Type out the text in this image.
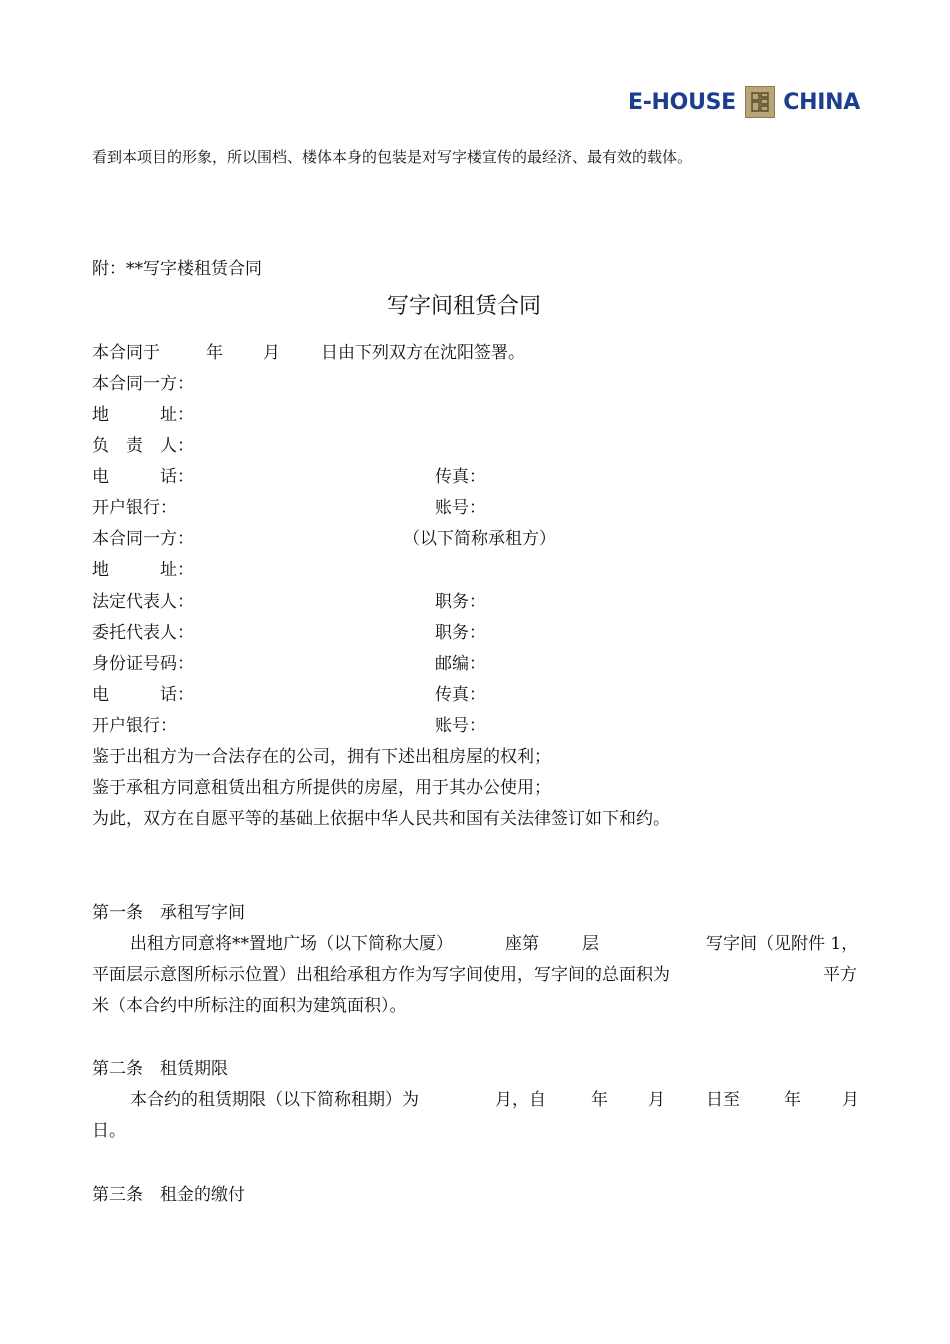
E-HOUSE CHINA
看到本项目的形象，所以围档、楼体本身的包装是对写字楼宣传的最经济、最有效的载体。
附：**写字楼租赁合同
写字间租赁合同
本合同于	年 月 日由下列双方在沈阳签署。
本合同一方：
地　　　址：
负　责　人：
电　　　话：	传真：
开户银行：	账号：
本合同一方：	（以下简称承租方）
地　　　址：
法定代表人：	职务：
委托代表人：	职务：
身份证号码：	邮编：
电　　　话：	传真：
开户银行：	账号：
鉴于出租方为一合法存在的公司，拥有下述出租房屋的权利；
鉴于承租方同意租赁出租方所提供的房屋，用于其办公使用；
为此，双方在自愿平等的基础上依据中华人民共和国有关法律签订如下和约。
第一条　承租写字间
出租方同意将**置地广场（以下简称大厦）	座第	层	写字间（见附件 1，
平面层示意图所标示位置）出租给承租方作为写字间使用，写字间的总面积为	平方
米（本合约中所标注的面积为建筑面积）。
第二条　租赁期限
本合约的租赁期限（以下简称租期）为	月，自	年 月 日至	年 月
日。
第三条　租金的缴付
